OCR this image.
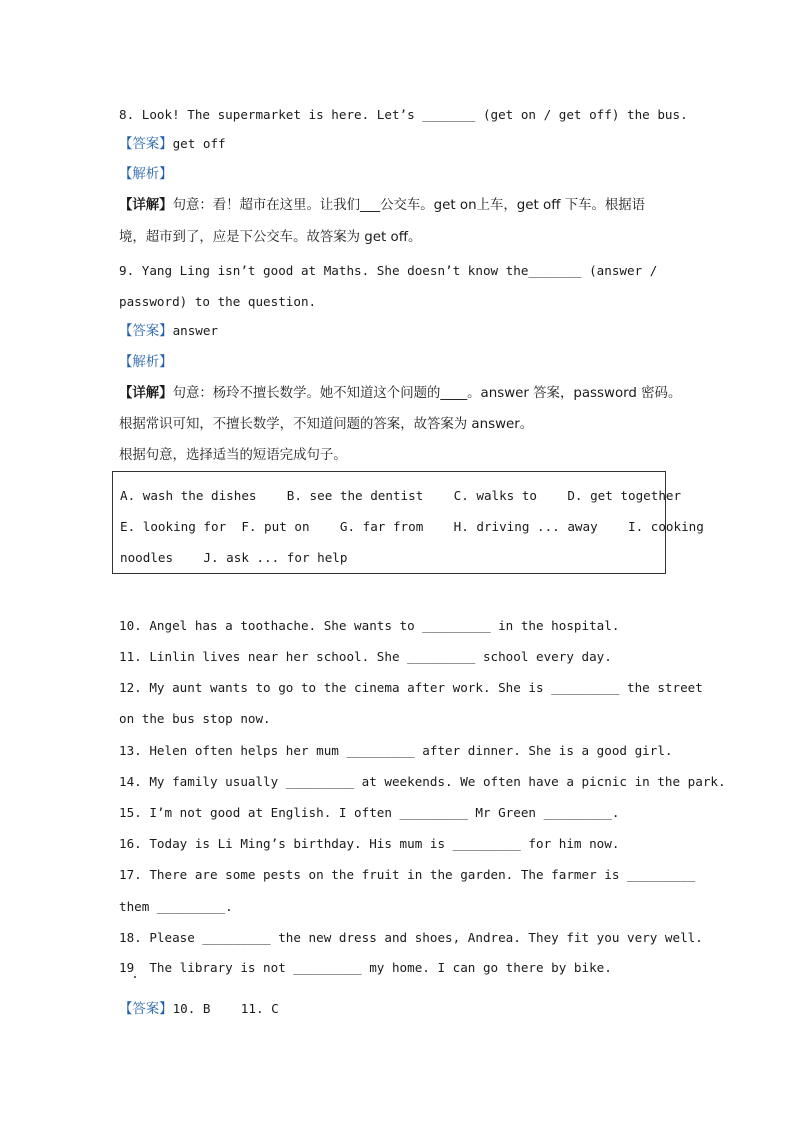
8. Look! The supermarket is here. Let’s _______ (get on / get off) the bus.
【答案】get off
【解析】
【详解】句意：看！超市在这里。让我们___公交车。get on上车，get off 下车。根据语
境，超市到了，应是下公交车。故答案为 get off。
9. Yang Ling isn’t good at Maths. She doesn’t know the_______ (answer /
password) to the question.
【答案】answer
【解析】
【详解】句意：杨玲不擅长数学。她不知道这个问题的____。answer 答案，password 密码。
根据常识可知，不擅长数学，不知道问题的答案，故答案为 answer。
根据句意，选择适当的短语完成句子。
A. wash the dishes    B. see the dentist    C. walks to    D. get together
E. looking for  F. put on    G. far from    H. driving ... away    I. cooking
noodles    J. ask ... for help
10. Angel has a toothache. She wants to _________ in the hospital.
11. Linlin lives near her school. She _________ school every day.
12. My aunt wants to go to the cinema after work. She is _________ the street
on the bus stop now.
13. Helen often helps her mum _________ after dinner. She is a good girl.
14. My family usually _________ at weekends. We often have a picnic in the park.
15. I’m not good at English. I often _________ Mr Green _________.
16. Today is Li Ming’s birthday. His mum is _________ for him now.
17. There are some pests on the fruit in the garden. The farmer is _________
them _________.
18. Please _________ the new dress and shoes, Andrea. They fit you very well.
19  The library is not _________ my home. I can go there by bike.
【答案】10. B    11. C
